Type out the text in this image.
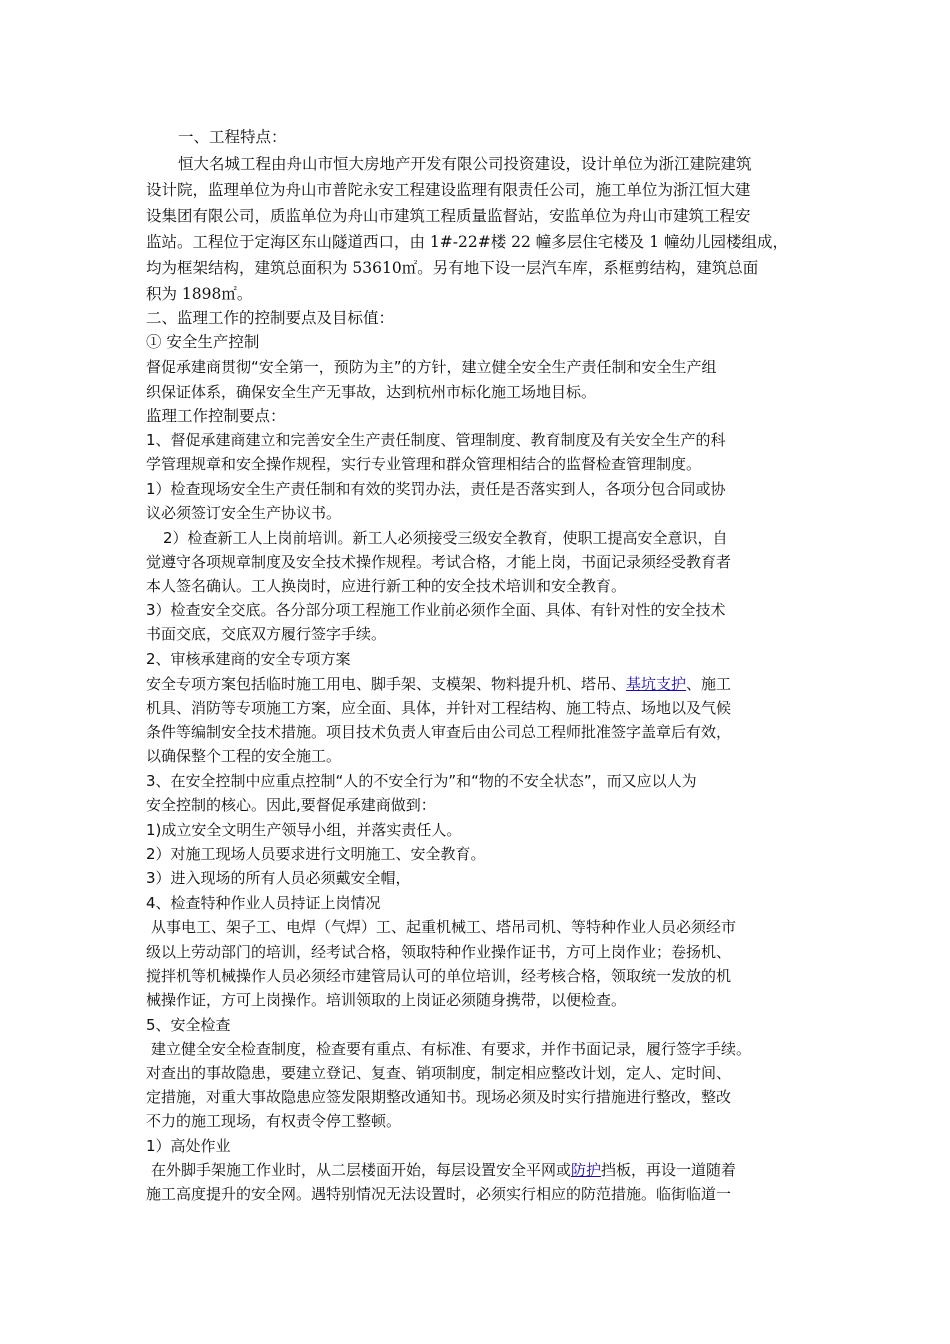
一、工程特点：
恒大名城工程由舟山市恒大房地产开发有限公司投资建设，设计单位为浙江建院建筑
设计院，监理单位为舟山市普陀永安工程建设监理有限责任公司，施工单位为浙江恒大建
设集团有限公司，质监单位为舟山市建筑工程质量监督站，安监单位为舟山市建筑工程安
监站。工程位于定海区东山隧道西口，由 1#-22#楼 22 幢多层住宅楼及 1 幢幼儿园楼组成，
均为框架结构，建筑总面积为 53610㎡。另有地下设一层汽车库，系框剪结构，建筑总面
积为 1898㎡。
二、监理工作的控制要点及目标值：
① 安全生产控制
督促承建商贯彻“安全第一，预防为主”的方针，建立健全安全生产责任制和安全生产组
织保证体系，确保安全生产无事故，达到杭州市标化施工场地目标。
监理工作控制要点：
1、督促承建商建立和完善安全生产责任制度、管理制度、教育制度及有关安全生产的科
学管理规章和安全操作规程，实行专业管理和群众管理相结合的监督检查管理制度。
1）检查现场安全生产责任制和有效的奖罚办法，责任是否落实到人，各项分包合同或协
议必须签订安全生产协议书。
2）检查新工人上岗前培训。新工人必须接受三级安全教育，使职工提高安全意识，自
觉遵守各项规章制度及安全技术操作规程。考试合格，才能上岗，书面记录须经受教育者
本人签名确认。工人换岗时，应进行新工种的安全技术培训和安全教育。
3）检查安全交底。各分部分项工程施工作业前必须作全面、具体、有针对性的安全技术
书面交底，交底双方履行签字手续。
2、审核承建商的安全专项方案
安全专项方案包括临时施工用电、脚手架、支模架、物料提升机、塔吊、基坑支护、施工
机具、消防等专项施工方案，应全面、具体，并针对工程结构、施工特点、场地以及气候
条件等编制安全技术措施。项目技术负责人审查后由公司总工程师批准签字盖章后有效，
以确保整个工程的安全施工。
3、在安全控制中应重点控制“人的不安全行为”和“物的不安全状态”，而又应以人为
安全控制的核心。因此,要督促承建商做到：
1)成立安全文明生产领导小组，并落实责任人。
2）对施工现场人员要求进行文明施工、安全教育。
3）进入现场的所有人员必须戴安全帽，
4、检查特种作业人员持证上岗情况
从事电工、架子工、电焊（气焊）工、起重机械工、塔吊司机、等特种作业人员必须经市
级以上劳动部门的培训，经考试合格，领取特种作业操作证书，方可上岗作业；卷扬机、
搅拌机等机械操作人员必须经市建管局认可的单位培训，经考核合格，领取统一发放的机
械操作证，方可上岗操作。培训领取的上岗证必须随身携带，以便检查。
5、安全检查
建立健全安全检查制度，检查要有重点、有标准、有要求，并作书面记录，履行签字手续。
对查出的事故隐患，要建立登记、复查、销项制度，制定相应整改计划，定人、定时间、
定措施，对重大事故隐患应签发限期整改通知书。现场必须及时实行措施进行整改，整改
不力的施工现场，有权责令停工整顿。
1）高处作业
在外脚手架施工作业时，从二层楼面开始，每层设置安全平网或防护挡板，再设一道随着
施工高度提升的安全网。遇特别情况无法设置时，必须实行相应的防范措施。临街临道一
